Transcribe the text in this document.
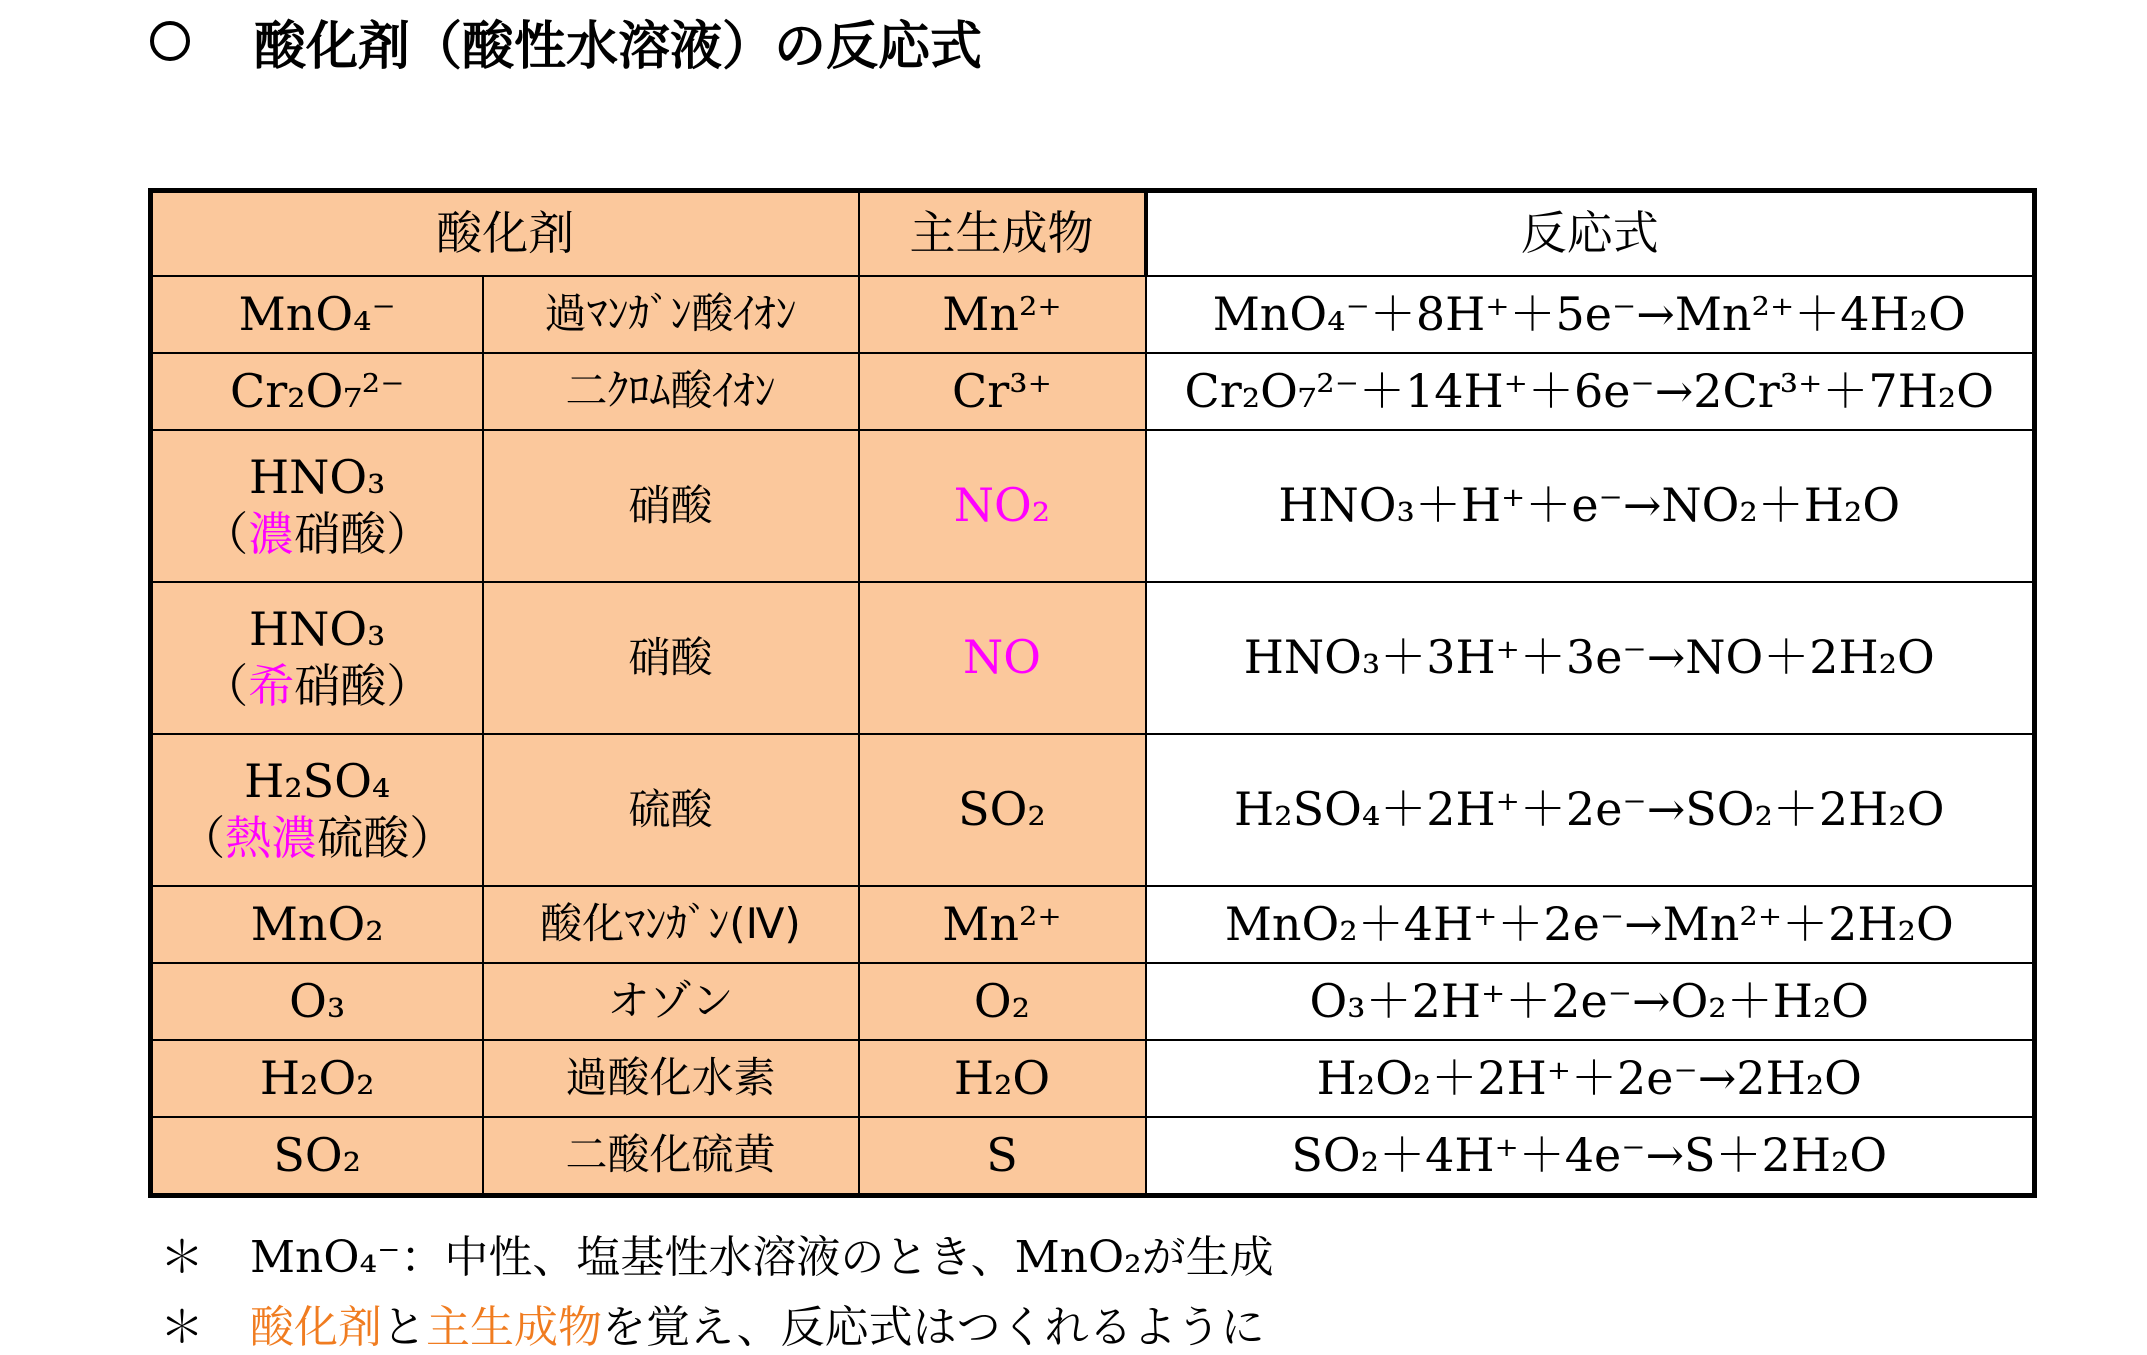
酸化剤（酸性水溶液）の反応式
酸化剤		主生成物	反応式
MnO₄⁻	過ﾏﾝｶﾞﾝ酸ｲｵﾝ	Mn²⁺	MnO₄⁻＋8H⁺＋5e⁻→Mn²⁺＋4H₂O
Cr₂O₇²⁻	二ｸﾛﾑ酸ｲｵﾝ	Cr³⁺	Cr₂O₇²⁻＋14H⁺＋6e⁻→2Cr³⁺＋7H₂O

HNO₃
（濃硝酸）	硝酸	NO₂	HNO₃＋H⁺＋e⁻→NO₂＋H₂O

HNO₃
（希硝酸）	硝酸	NO	HNO₃＋3H⁺＋3e⁻→NO＋2H₂O

H₂SO₄
（熱濃硫酸）	硫酸	SO₂	H₂SO₄＋2H⁺＋2e⁻→SO₂＋2H₂O
MnO₂	酸化ﾏﾝｶﾞﾝ(Ⅳ)	Mn²⁺	MnO₂＋4H⁺＋2e⁻→Mn²⁺＋2H₂O
O₃	オゾン	O₂	O₃＋2H⁺＋2e⁻→O₂＋H₂O
H₂O₂	過酸化水素	H₂O	H₂O₂＋2H⁺＋2e⁻→2H₂O
SO₂	二酸化硫黄	S	SO₂＋4H⁺＋4e⁻→S＋2H₂O
＊	MnO₄⁻：中性、塩基性水溶液のとき、MnO₂が生成
＊	酸化剤 と 主生成物 を覚え、反応式はつくれるように
